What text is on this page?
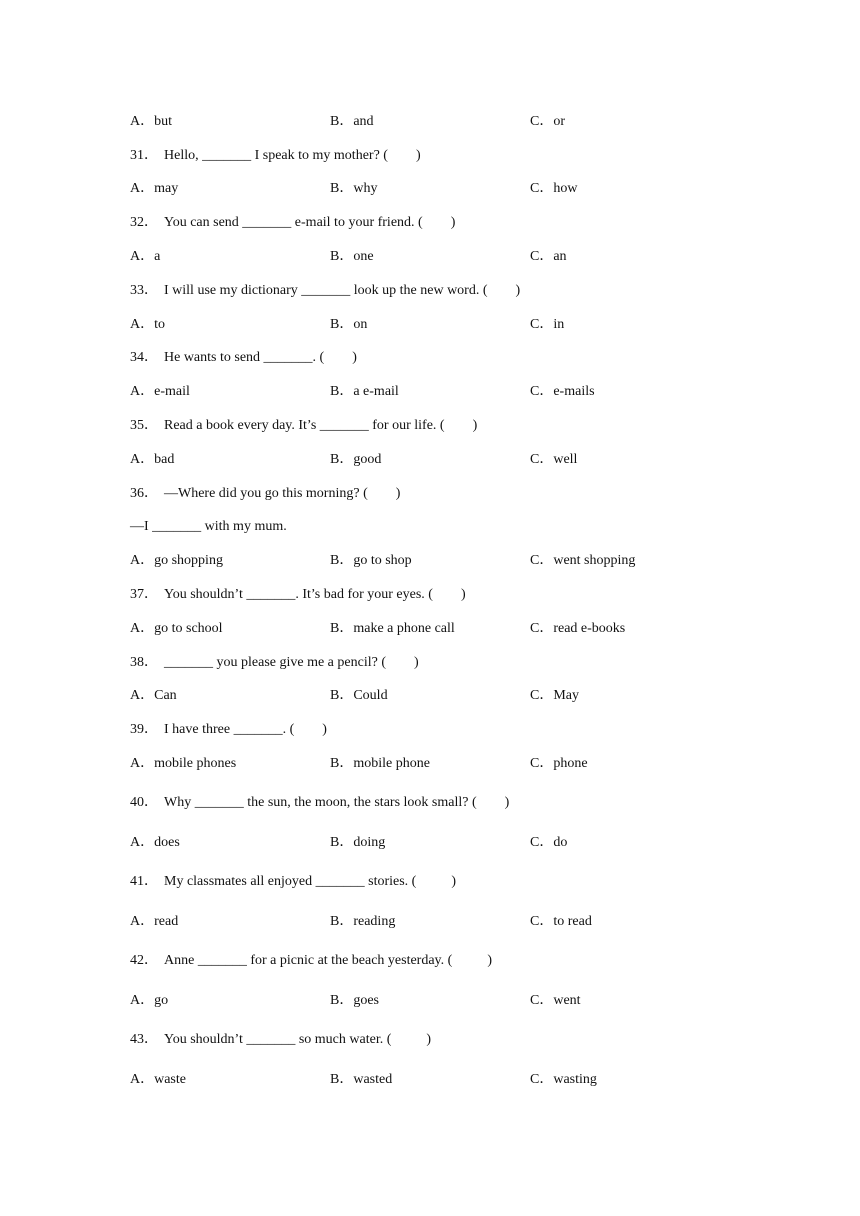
A．but	B．and	C．or
31． Hello, _______ I speak to my mother? (        )
A．may	B．why	C．how
32． You can send _______ e-mail to your friend. (        )
A．a	B．one	C．an
33． I will use my dictionary _______ look up the new word. (        )
A．to	B．on	C．in
34． He wants to send _______. (        )
A．e-mail	B．a e-mail	C．e-mails
35． Read a book every day. It’s _______ for our life. (        )
A．bad	B．good	C．well
36． —Where did you go this morning? (        )
—I _______ with my mum.
A．go shopping	B．go to shop	C．went shopping
37． You shouldn’t _______. It’s bad for your eyes. (        )
A．go to school	B．make a phone call	C．read e-books
38． _______ you please give me a pencil? (        )
A．Can	B．Could	C．May
39． I have three _______. (        )
A．mobile phones	B．mobile phone	C．phone
40． Why _______ the sun, the moon, the stars look small? (        )
A．does	B．doing	C．do
41． My classmates all enjoyed _______ stories. (          )
A．read	B．reading	C．to read
42． Anne _______ for a picnic at the beach yesterday. (          )
A．go	B．goes	C．went
43． You shouldn’t _______ so much water. (          )
A．waste	B．wasted	C．wasting
